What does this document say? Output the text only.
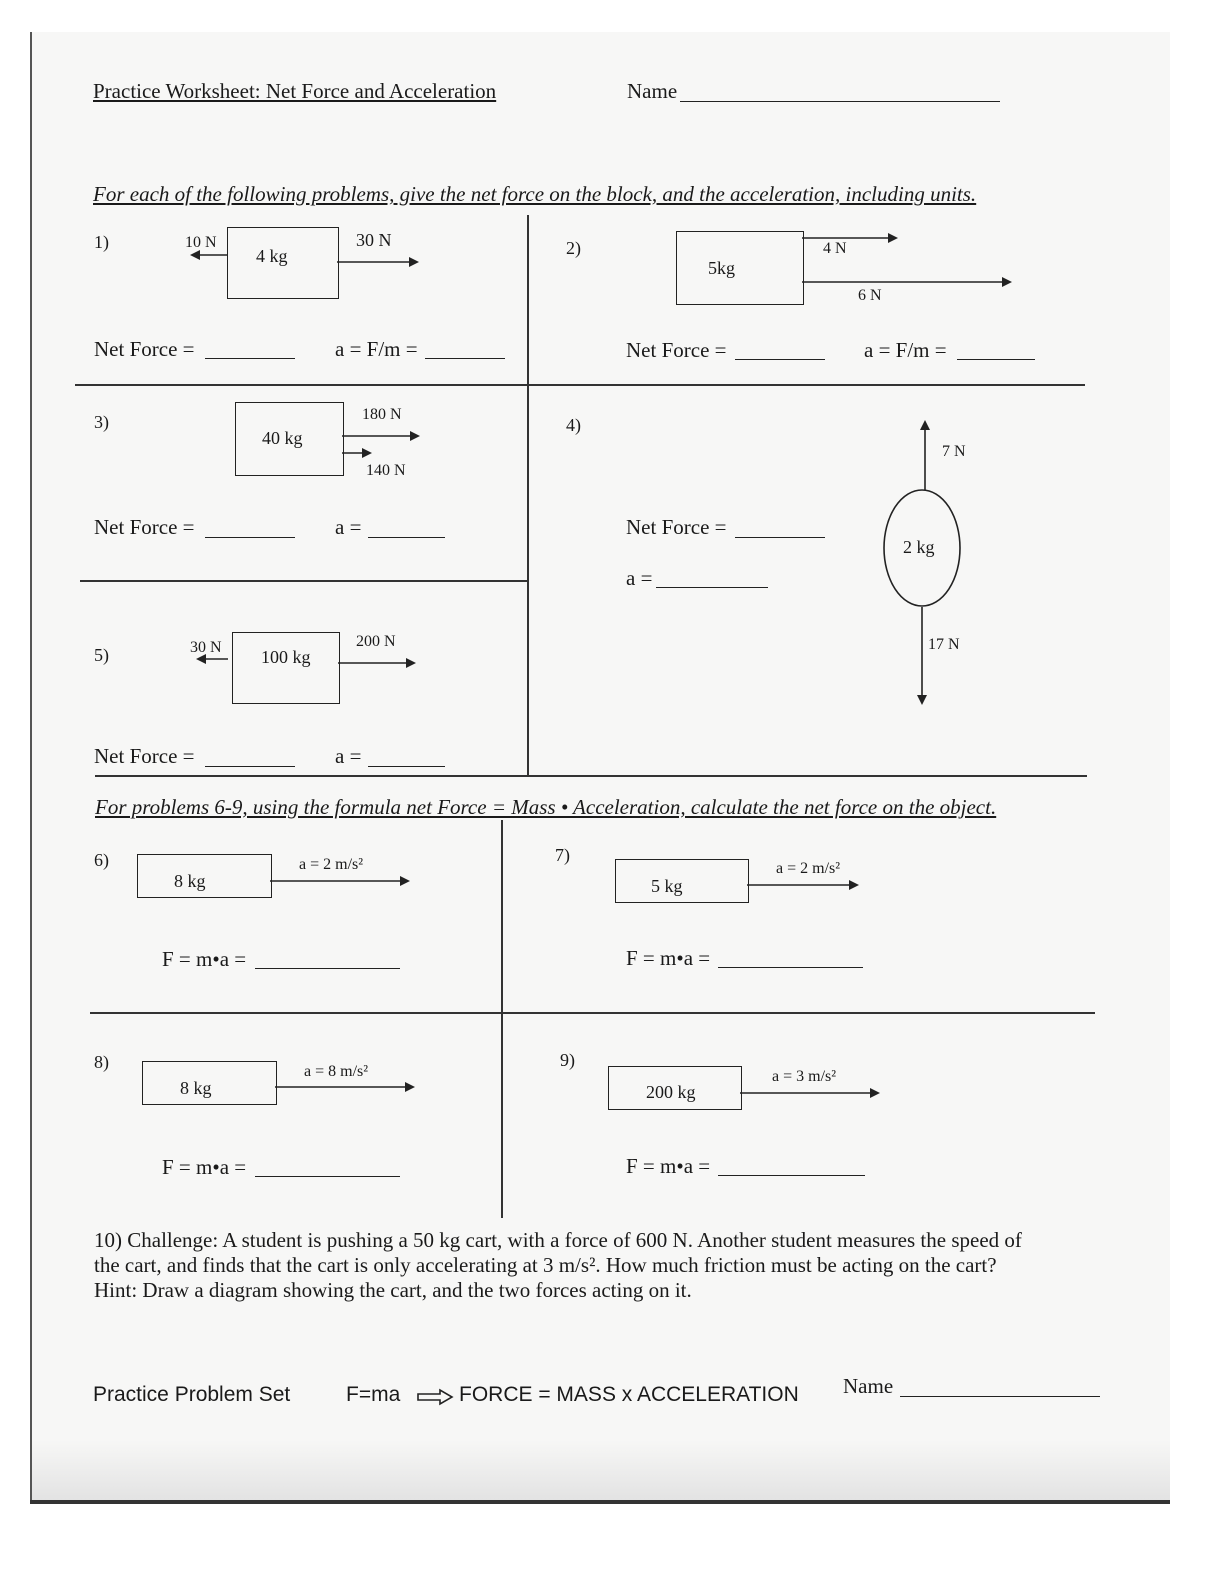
Practice Worksheet: Net Force and Acceleration	Name
For each of the following problems, give the net force on the block, and the acceleration, including units.
1)	10 N
4 kg
30 N
Net Force =	a = F/m =
2)
5kg
4 N
6 N
Net Force =	a = F/m =
3)
40 kg
180 N
140 N
Net Force =	a =
4)
7 N
2 kg
17 N
Net Force =
a =
5)	30 N 100 kg
200 N
Net Force =	a =
For problems 6-9, using the formula net Force = Mass • Acceleration, calculate the net force on the object.
6)
8 kg
a = 2 m/s²
F = m•a =
7)
5 kg
a = 2 m/s²
F = m•a =
8)
8 kg
a = 8 m/s²
F = m•a =
9)
200 kg
a = 3 m/s²
F = m•a =
10) Challenge: A student is pushing a 50 kg cart, with a force of 600 N. Another student measures the speed of
the cart, and finds that the cart is only accelerating at 3 m/s². How much friction must be acting on the cart?
Hint: Draw a diagram showing the cart, and the two forces acting on it.
Practice Problem Set	F=ma	FORCE = MASS x ACCELERATION Name
